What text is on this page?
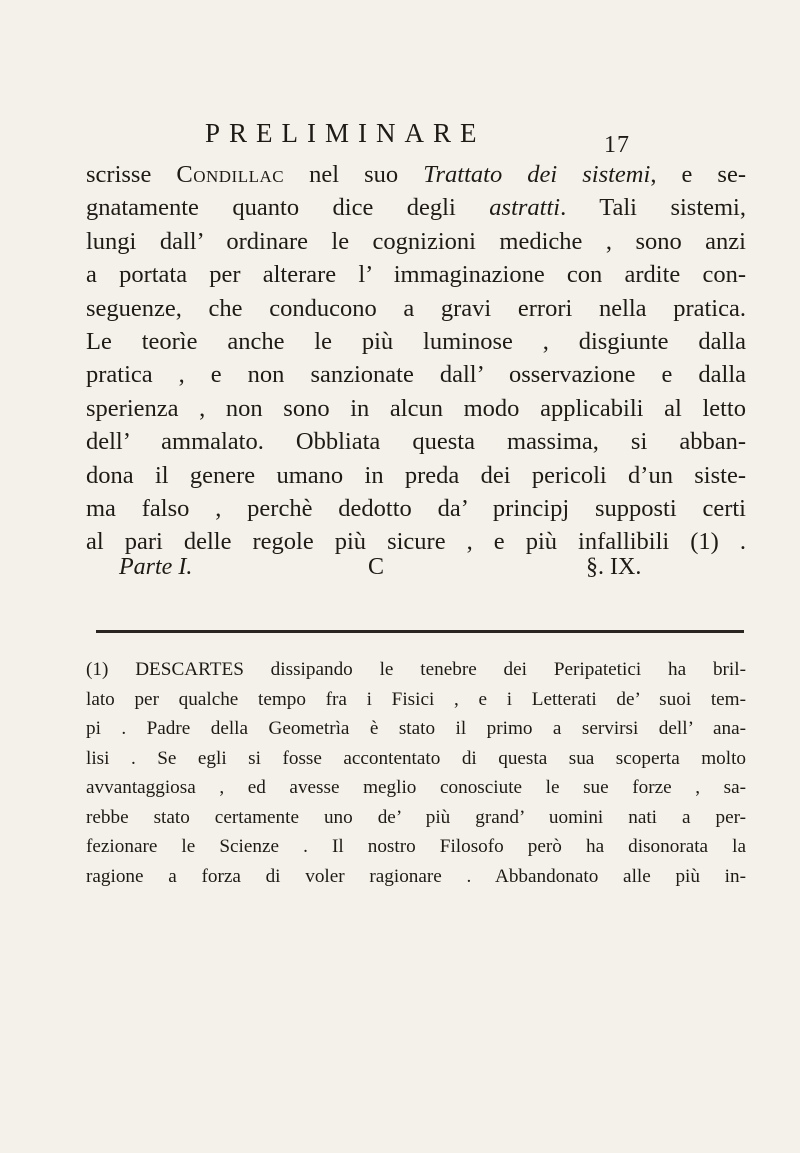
PRELIMINARE	17
scrisse Condillac nel suo Trattato dei sistemi, e se-
gnatamente quanto dice degli astratti. Tali sistemi,
lungi dall’ ordinare le cognizioni mediche , sono anzi
a portata per alterare l’ immaginazione con ardite con-
seguenze, che conducono a gravi errori nella pratica.
Le teorìe anche le più luminose , disgiunte dalla
pratica , e non sanzionate dall’ osservazione e dalla
sperienza , non sono in alcun modo applicabili al letto
dell’ ammalato. Obbliata questa massima, si abban-
dona il genere umano in preda dei pericoli d’un siste-
ma falso , perchè dedotto da’ principj supposti certi
al pari delle regole più sicure , e più infallibili (1) .
Parte I.	C	§. IX.
(1) DESCARTES dissipando le tenebre dei Peripatetici ha bril-
lato per qualche tempo fra i Fisici , e i Letterati de’ suoi tem-
pi . Padre della Geometrìa è stato il primo a servirsi dell’ ana-
lisi . Se egli si fosse accontentato di questa sua scoperta molto
avvantaggiosa , ed avesse meglio conosciute le sue forze , sa-
rebbe stato certamente uno de’ più grand’ uomini nati a per-
fezionare le Scienze . Il nostro Filosofo però ha disonorata la
ragione a forza di voler ragionare . Abbandonato alle più in-
